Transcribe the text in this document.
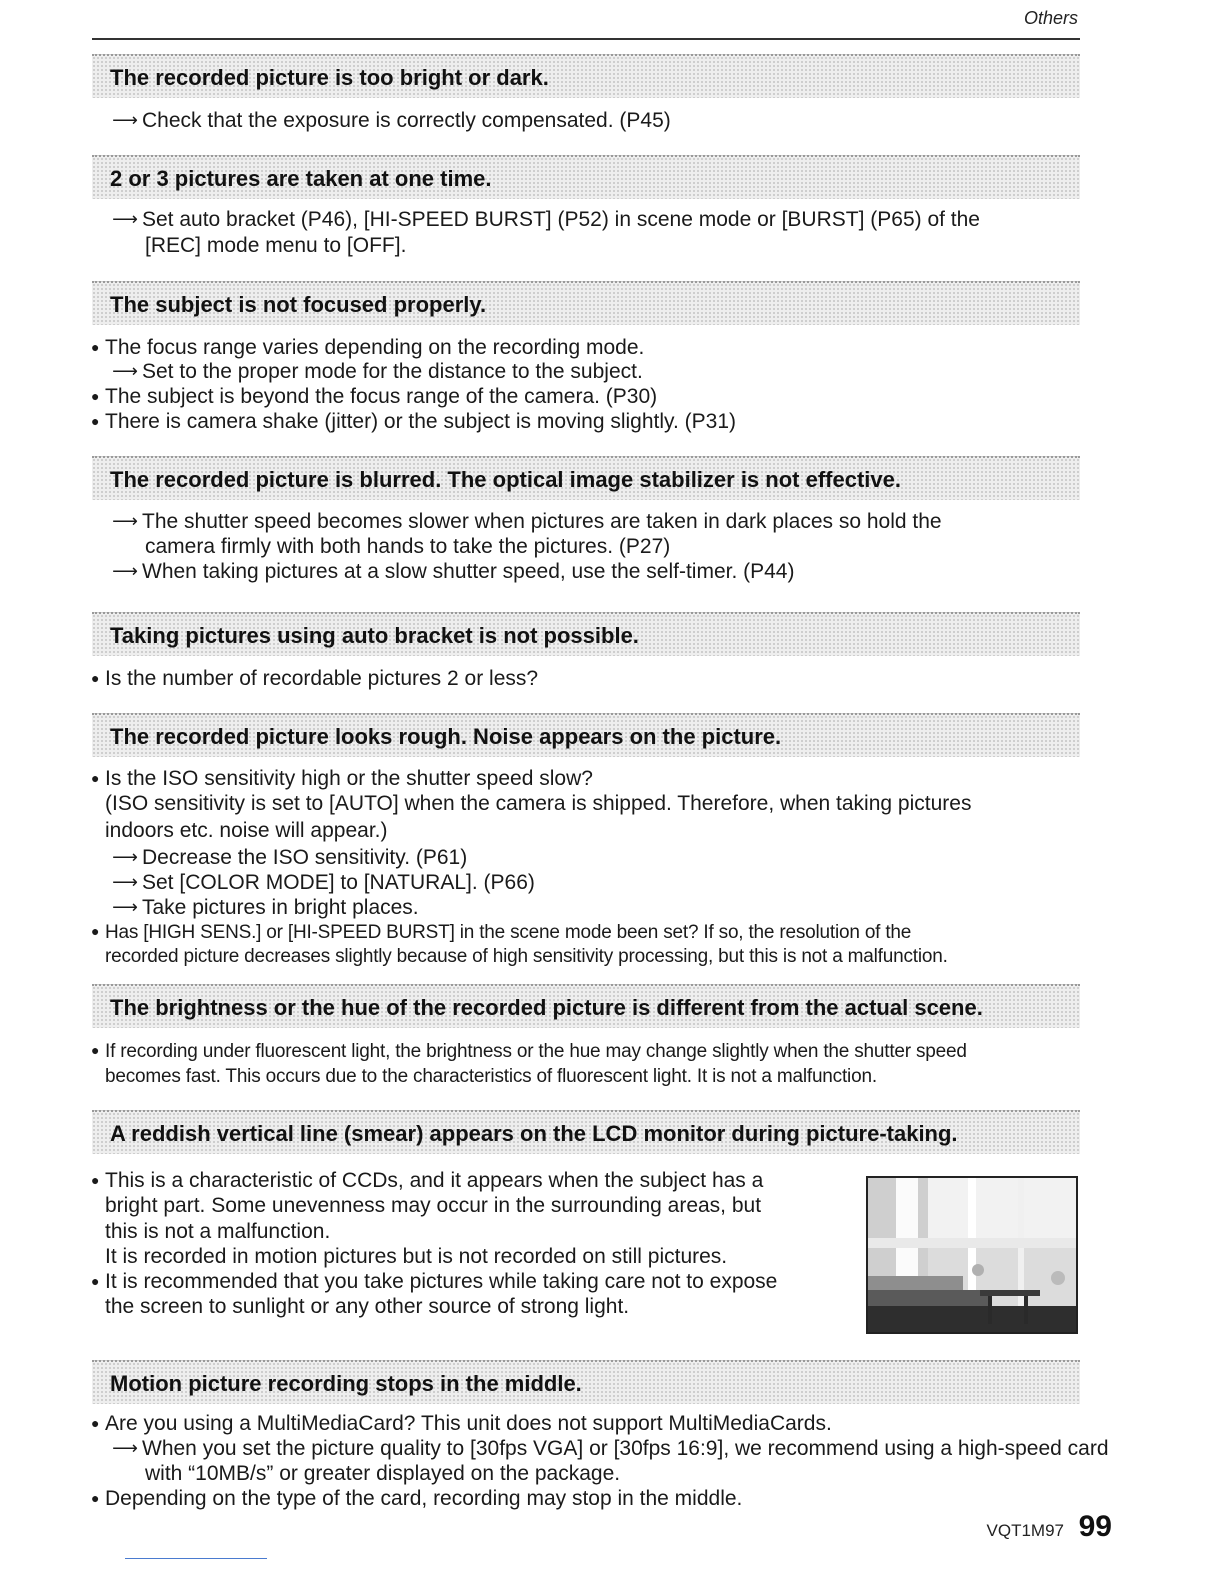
Others
The recorded picture is too bright or dark.
⟶ Check that the exposure is correctly compensated. (P45)
2 or 3 pictures are taken at one time.
⟶ Set auto bracket (P46), [HI-SPEED BURST] (P52) in scene mode or [BURST] (P65) of the
[REC] mode menu to [OFF].
The subject is not focused properly.
● The focus range varies depending on the recording mode.
⟶ Set to the proper mode for the distance to the subject.
● The subject is beyond the focus range of the camera. (P30)
● There is camera shake (jitter) or the subject is moving slightly. (P31)
The recorded picture is blurred. The optical image stabilizer is not effective.
⟶ The shutter speed becomes slower when pictures are taken in dark places so hold the
camera firmly with both hands to take the pictures. (P27)
⟶ When taking pictures at a slow shutter speed, use the self-timer. (P44)
Taking pictures using auto bracket is not possible.
● Is the number of recordable pictures 2 or less?
The recorded picture looks rough. Noise appears on the picture.
● Is the ISO sensitivity high or the shutter speed slow?
(ISO sensitivity is set to [AUTO] when the camera is shipped. Therefore, when taking pictures
indoors etc. noise will appear.)
⟶ Decrease the ISO sensitivity. (P61)
⟶ Set [COLOR MODE] to [NATURAL]. (P66)
⟶ Take pictures in bright places.
● Has [HIGH SENS.] or [HI-SPEED BURST] in the scene mode been set? If so, the resolution of the
recorded picture decreases slightly because of high sensitivity processing, but this is not a malfunction.
The brightness or the hue of the recorded picture is different from the actual scene.
● If recording under fluorescent light, the brightness or the hue may change slightly when the shutter speed
becomes fast. This occurs due to the characteristics of fluorescent light. It is not a malfunction.
A reddish vertical line (smear) appears on the LCD monitor during picture-taking.
● This is a characteristic of CCDs, and it appears when the subject has a
bright part. Some unevenness may occur in the surrounding areas, but
this is not a malfunction.
It is recorded in motion pictures but is not recorded on still pictures.
● It is recommended that you take pictures while taking care not to expose
the screen to sunlight or any other source of strong light.
Motion picture recording stops in the middle.
● Are you using a MultiMediaCard? This unit does not support MultiMediaCards.
⟶ When you set the picture quality to [30fps VGA] or [30fps 16:9], we recommend using a high-speed card
with “10MB/s” or greater displayed on the package.
● Depending on the type of the card, recording may stop in the middle.
VQT1M97 99
